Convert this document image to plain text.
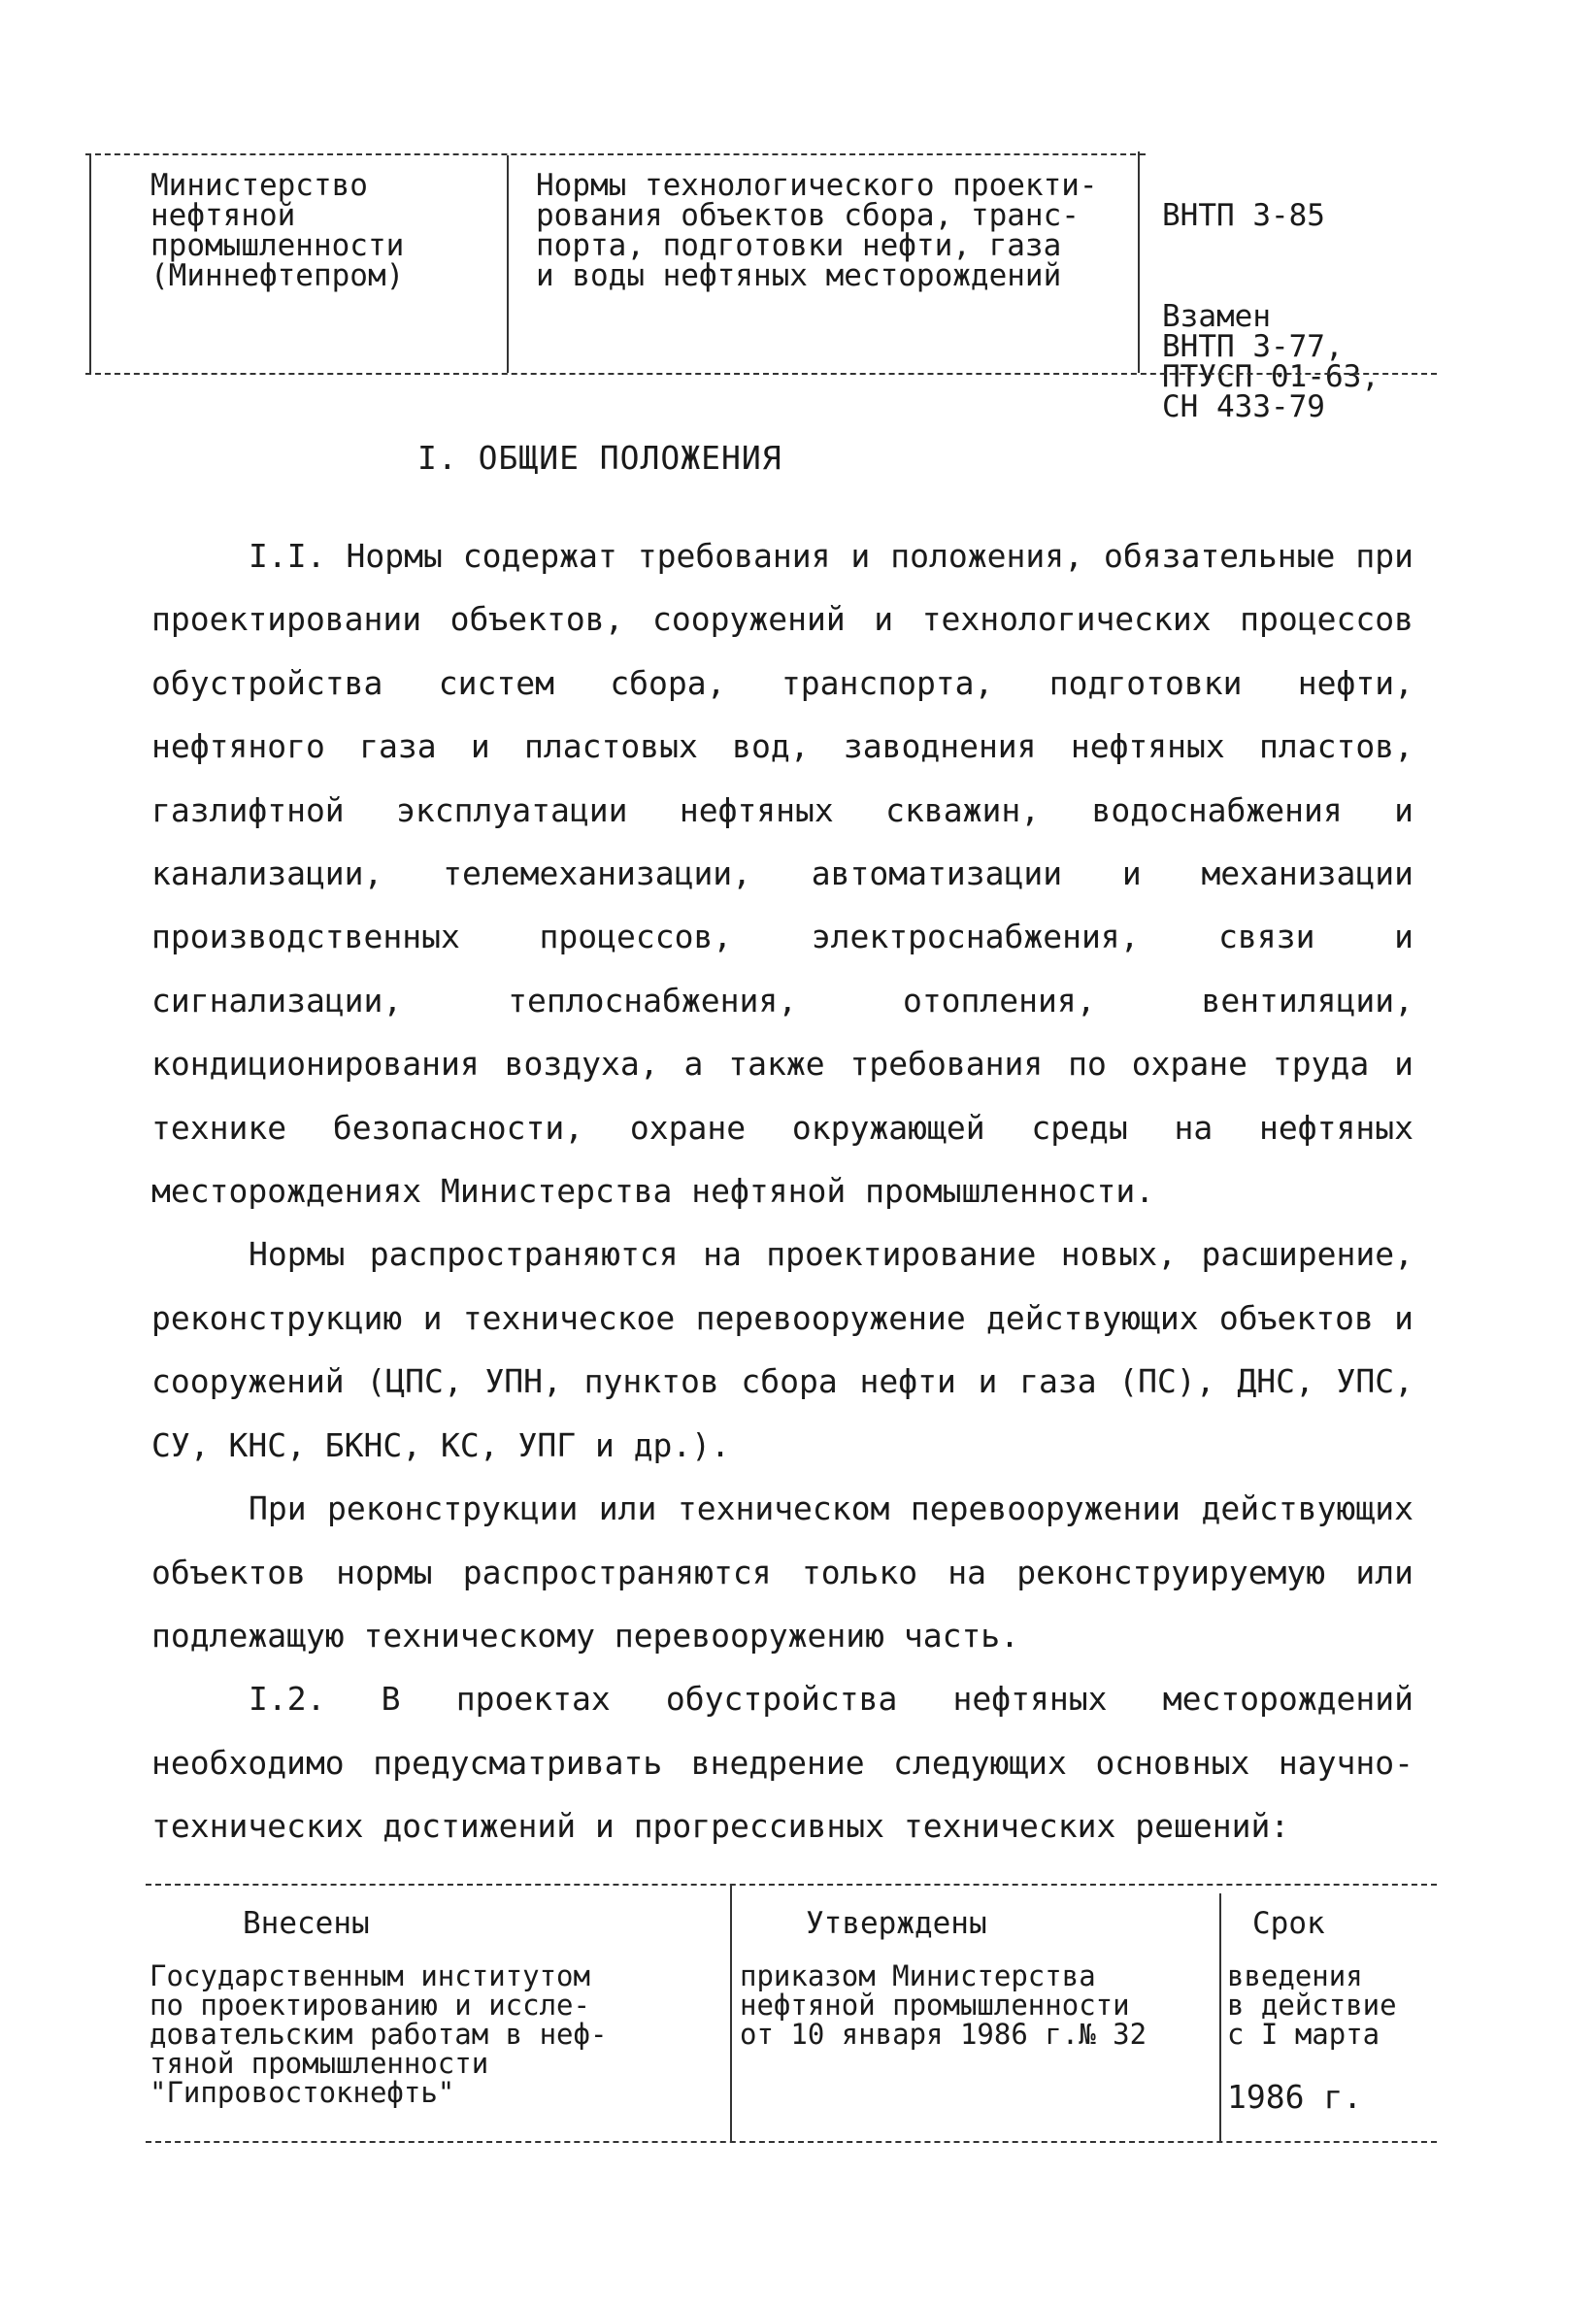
Министерство
нефтяной
промышленности
(Миннефтепром)
Нормы технологического проекти-
рования объектов сбора, транс-
порта, подготовки нефти, газа
и воды нефтяных месторождений

ВНТП 3-85

Взамен
ВНТП 3-77,
ПТУСП 01-63,
СН 433-79

I. ОБЩИЕ ПОЛОЖЕНИЯ

I.I. Нормы содержат требования и положения, обязательные при проектировании объектов, сооружений и технологических процессов обустройства систем сбора, транспорта, подготовки нефти, нефтяного газа и пластовых вод, заводнения нефтяных пластов, газлифтной эксплуатации нефтяных скважин, водоснабжения и канализации, телемеханизации, автоматизации и механизации производственных процессов, электроснабжения, связи и сигнализации, теплоснабжения, отопления, вентиляции, кондиционирования воздуха, а также требования по охране труда и технике безопасности, охране окружающей среды на нефтяных месторождениях Министерства нефтяной промышленности.

Нормы распространяются на проектирование новых, расширение, реконструкцию и техническое перевооружение действующих объектов и сооружений (ЦПС, УПН, пунктов сбора нефти и газа (ПС), ДНС, УПС, СУ, КНС, БКНС, КС, УПГ и др.).

При реконструкции или техническом перевооружении действующих объектов нормы распространяются только на реконструируемую или подлежащую техническому перевооружению часть.

I.2. В проектах обустройства нефтяных месторождений необходимо предусматривать внедрение следующих основных научно-технических достижений и прогрессивных технических решений:

Внесены	Утверждены	Срок
Государственным институтом
по проектированию и иссле-
довательским работам в неф-
тяной промышленности
"Гипровостокнефть"
приказом Министерства
нефтяной промышленности
от 10 января 1986 г.№ 32
введения
в действие
с I марта
1986 г.
